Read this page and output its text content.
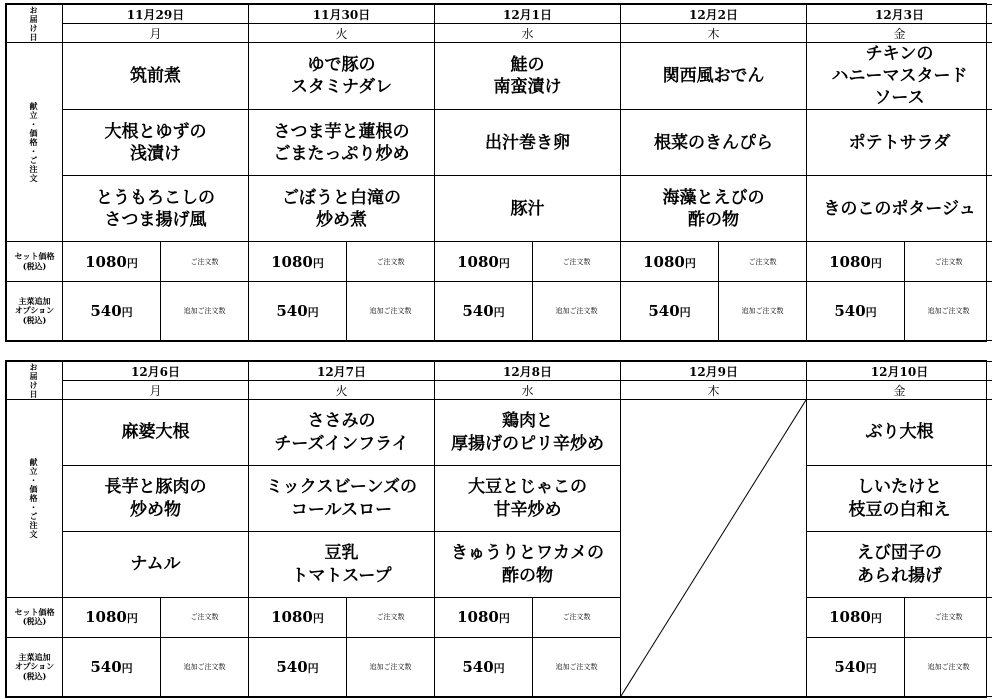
お届け日	11月29日		11月30日		12月1日		12月2日		12月3日	
	月		火		水		木		金	
献立・価格・ご注文	筑前煮		ゆで豚の
スタミナダレ		鮭の
南蛮漬け		関西風おでん		チキンの
ハニーマスタード
ソース	

	大根とゆずの
浅漬け		さつま芋と蓮根の
ごまたっぷり炒め		出汁巻き卵		根菜のきんぴら		ポテトサラダ	

	とうもろこしの
さつま揚げ風		ごぼうと白滝の
炒め煮		豚汁		海藻とえびの
酢の物		きのこのポタージュ	

セット価格
(税込)	1080円	ご注文数	1080円	ご注文数	1080円	ご注文数	1080円	ご注文数	1080円	ご注文数
主菜追加
オプション
(税込)	540円	追加ご注文数	540円	追加ご注文数	540円	追加ご注文数	540円	追加ご注文数	540円	追加ご注文数
お届け日	12月6日		12月7日		12月8日		12月9日	12月10日	
	月		火		水		木	金	
献立・価格・ご注文	麻婆大根		ささみの
チーズインフライ		鶏肉と
厚揚げのピリ辛炒め			ぶり大根	

	長芋と豚肉の
炒め物		ミックスビーンズの
コールスロー		大豆とじゃこの
甘辛炒め			しいたけと
枝豆の白和え	

	ナムル		豆乳
トマトスープ		きゅうりとワカメの
酢の物			えび団子の
あられ揚げ	

セット価格
(税込)	1080円	ご注文数	1080円	ご注文数	1080円	ご注文数		1080円	ご注文数
主菜追加
オプション
(税込)	540円	追加ご注文数	540円	追加ご注文数	540円	追加ご注文数		540円	追加ご注文数
